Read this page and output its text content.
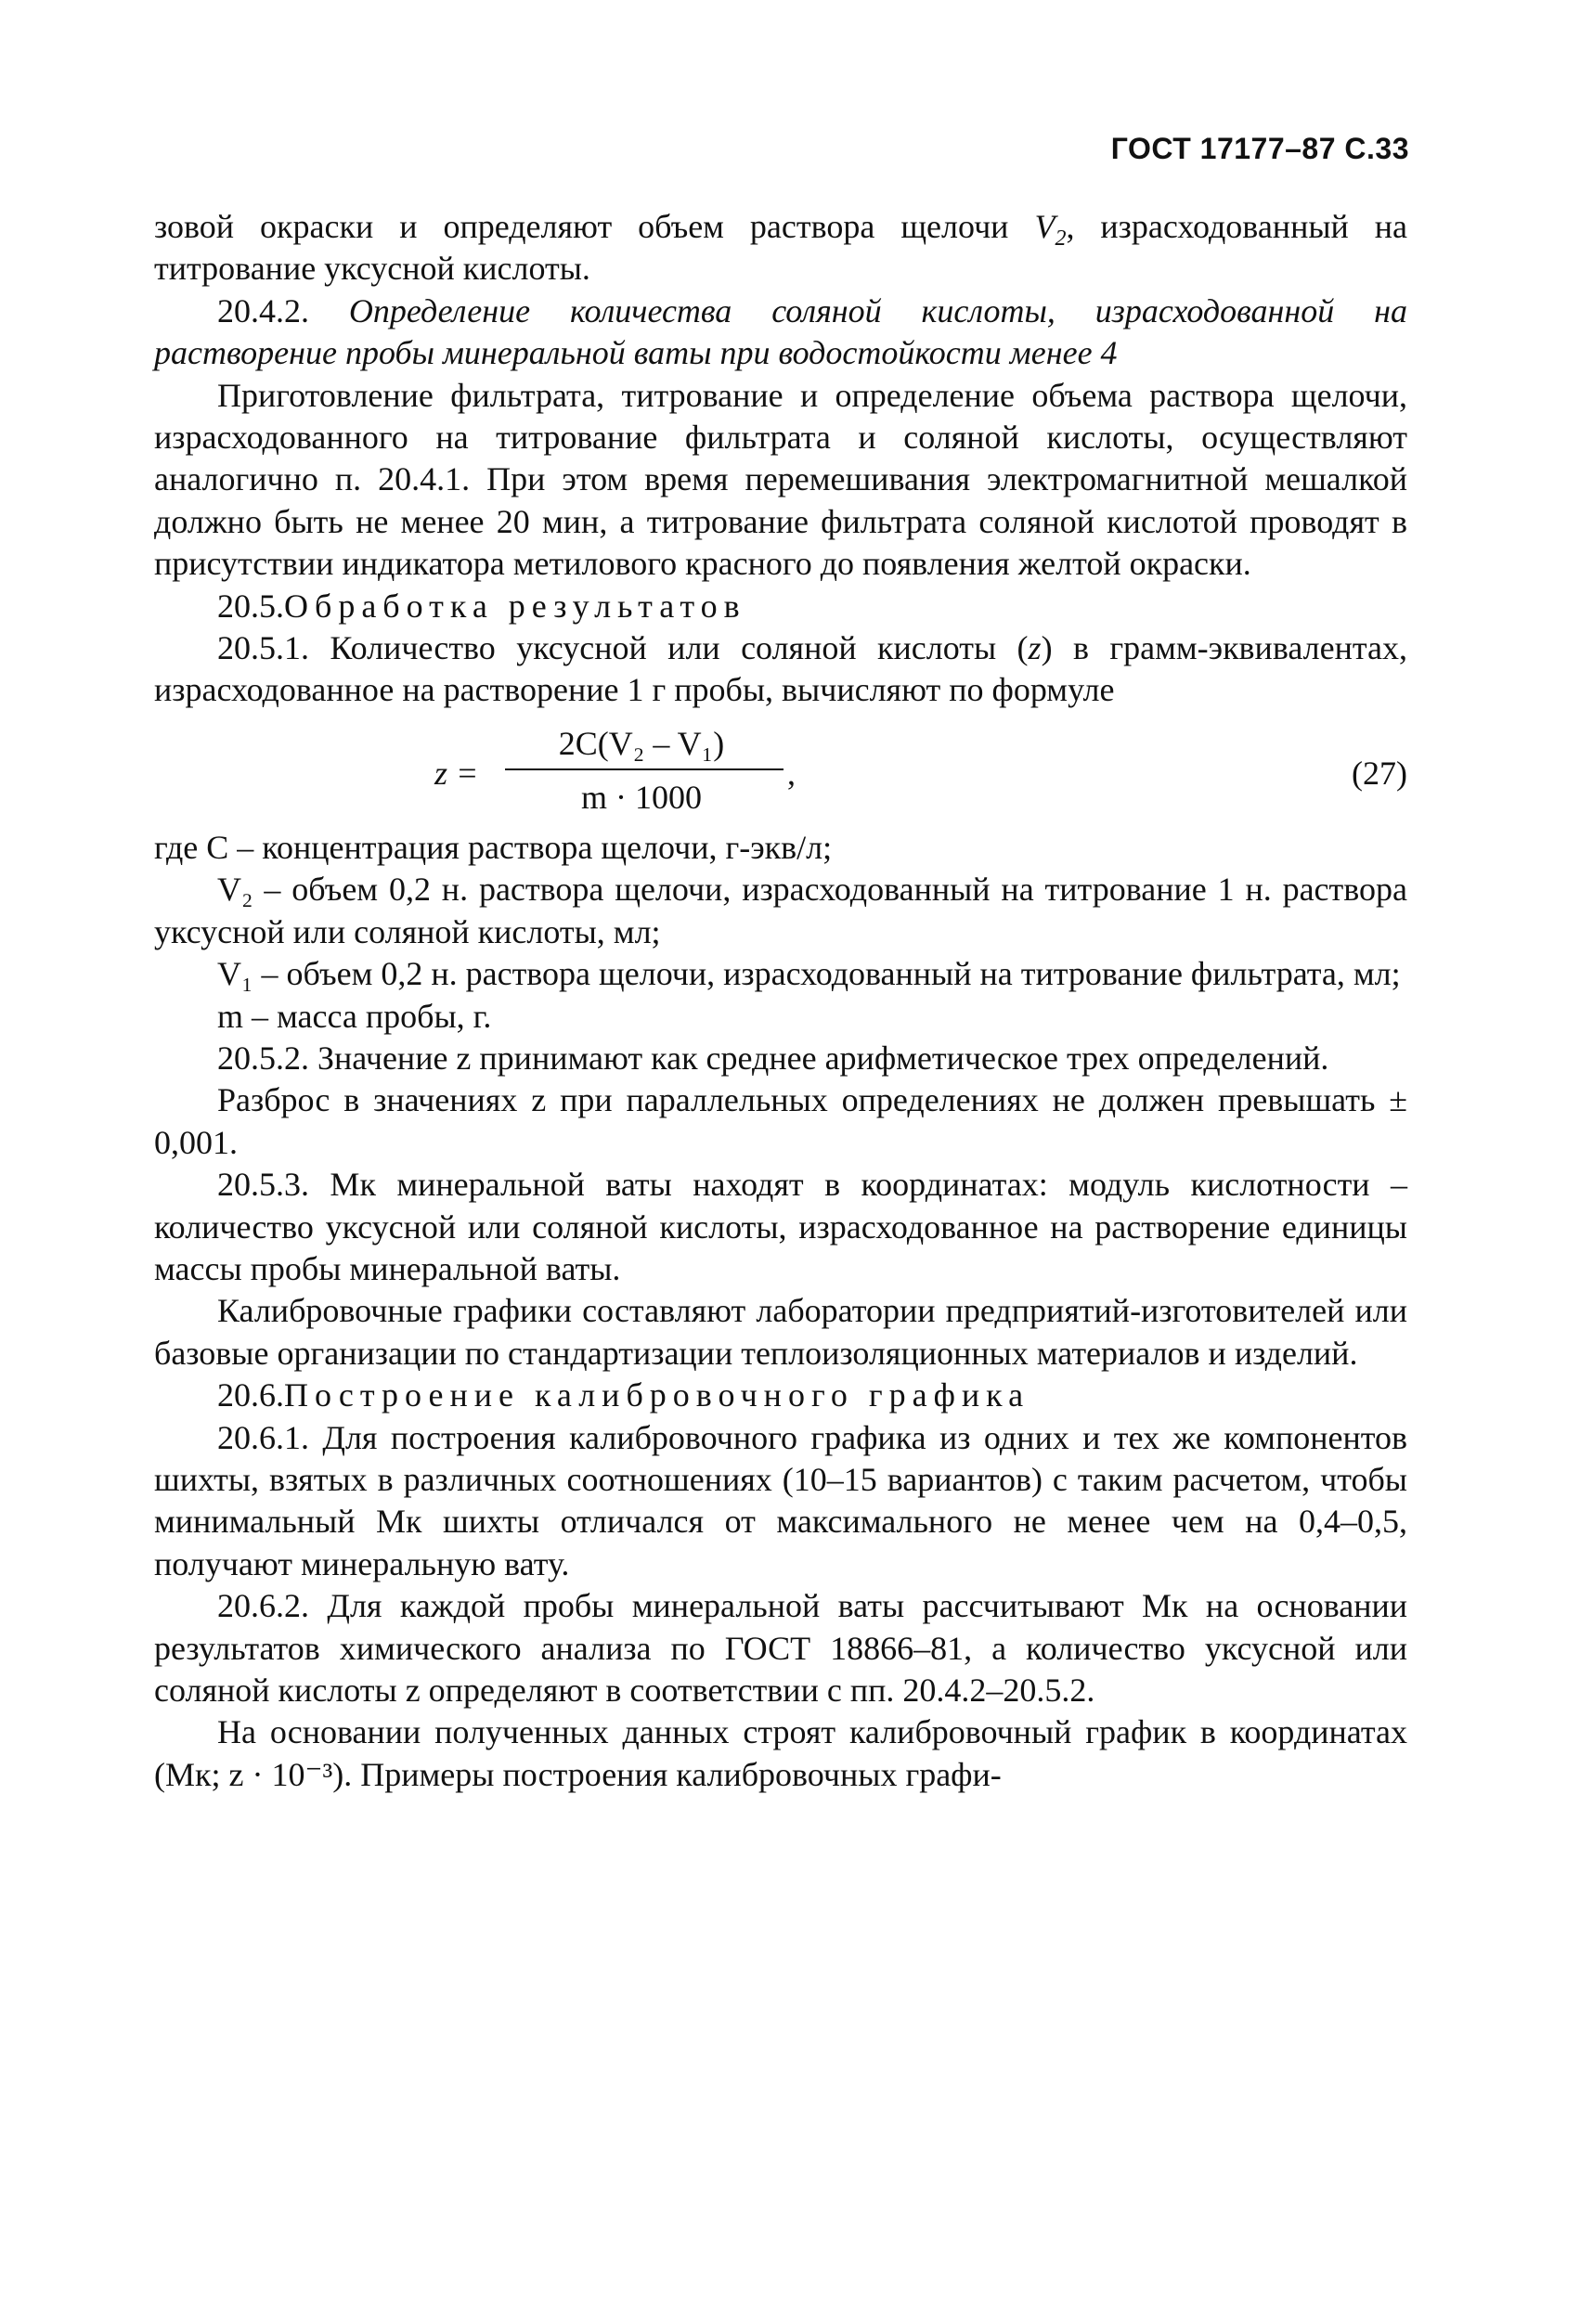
ГОСТ 17177–87 С.33

зовой окраски и определяют объем раствора щелочи $V_2$, израсходованный на титрование уксусной кислоты.

20.4.2. Определение количества соляной кислоты, израсходованной на растворение пробы минеральной ваты при водостойкости менее 4

Приготовление фильтрата, титрование и определение объема раствора щелочи, израсходованного на титрование фильтрата и соляной кислоты, осуществляют аналогично п. 20.4.1. При этом время перемешивания электромагнитной мешалкой должно быть не менее 20 мин, а титрование фильтрата соляной кислотой проводят в присутствии индикатора метилового красного до появления желтой окраски.

20.5.Обработка результатов

20.5.1. Количество уксусной или соляной кислоты (z) в грамм-эквивалентах, израсходованное на растворение 1 г пробы, вычисляют по формуле

z =
2C(V₂ – V₁)
m · 1000
,	(27)

где C – концентрация раствора щелочи, г-экв/л;

V₂ – объем 0,2 н. раствора щелочи, израсходованный на титрование 1 н. раствора уксусной или соляной кислоты, мл;

V₁ – объем 0,2 н. раствора щелочи, израсходованный на титрование фильтрата, мл;

m – масса пробы, г.

20.5.2. Значение z принимают как среднее арифметическое трех определений.

Разброс в значениях z при параллельных определениях не должен превышать ± 0,001.

20.5.3. Mк минеральной ваты находят в координатах: модуль кислотности – количество уксусной или соляной кислоты, израсходованное на растворение единицы массы пробы минеральной ваты.

Калибровочные графики составляют лаборатории предприятий-изготовителей или базовые организации по стандартизации теплоизоляционных материалов и изделий.

20.6.Построение калибровочного графика

20.6.1. Для построения калибровочного графика из одних и тех же компонентов шихты, взятых в различных соотношениях (10–15 вариантов) с таким расчетом, чтобы минимальный Mк шихты отличался от максимального не менее чем на 0,4–0,5, получают минеральную вату.

20.6.2. Для каждой пробы минеральной ваты рассчитывают Mк на основании результатов химического анализа по ГОСТ 18866–81, а количество уксусной или соляной кислоты z определяют в соответствии с пп. 20.4.2–20.5.2.

На основании полученных данных строят калибровочный график в координатах (Mк; z · 10⁻³). Примеры построения калибровочных графи-
